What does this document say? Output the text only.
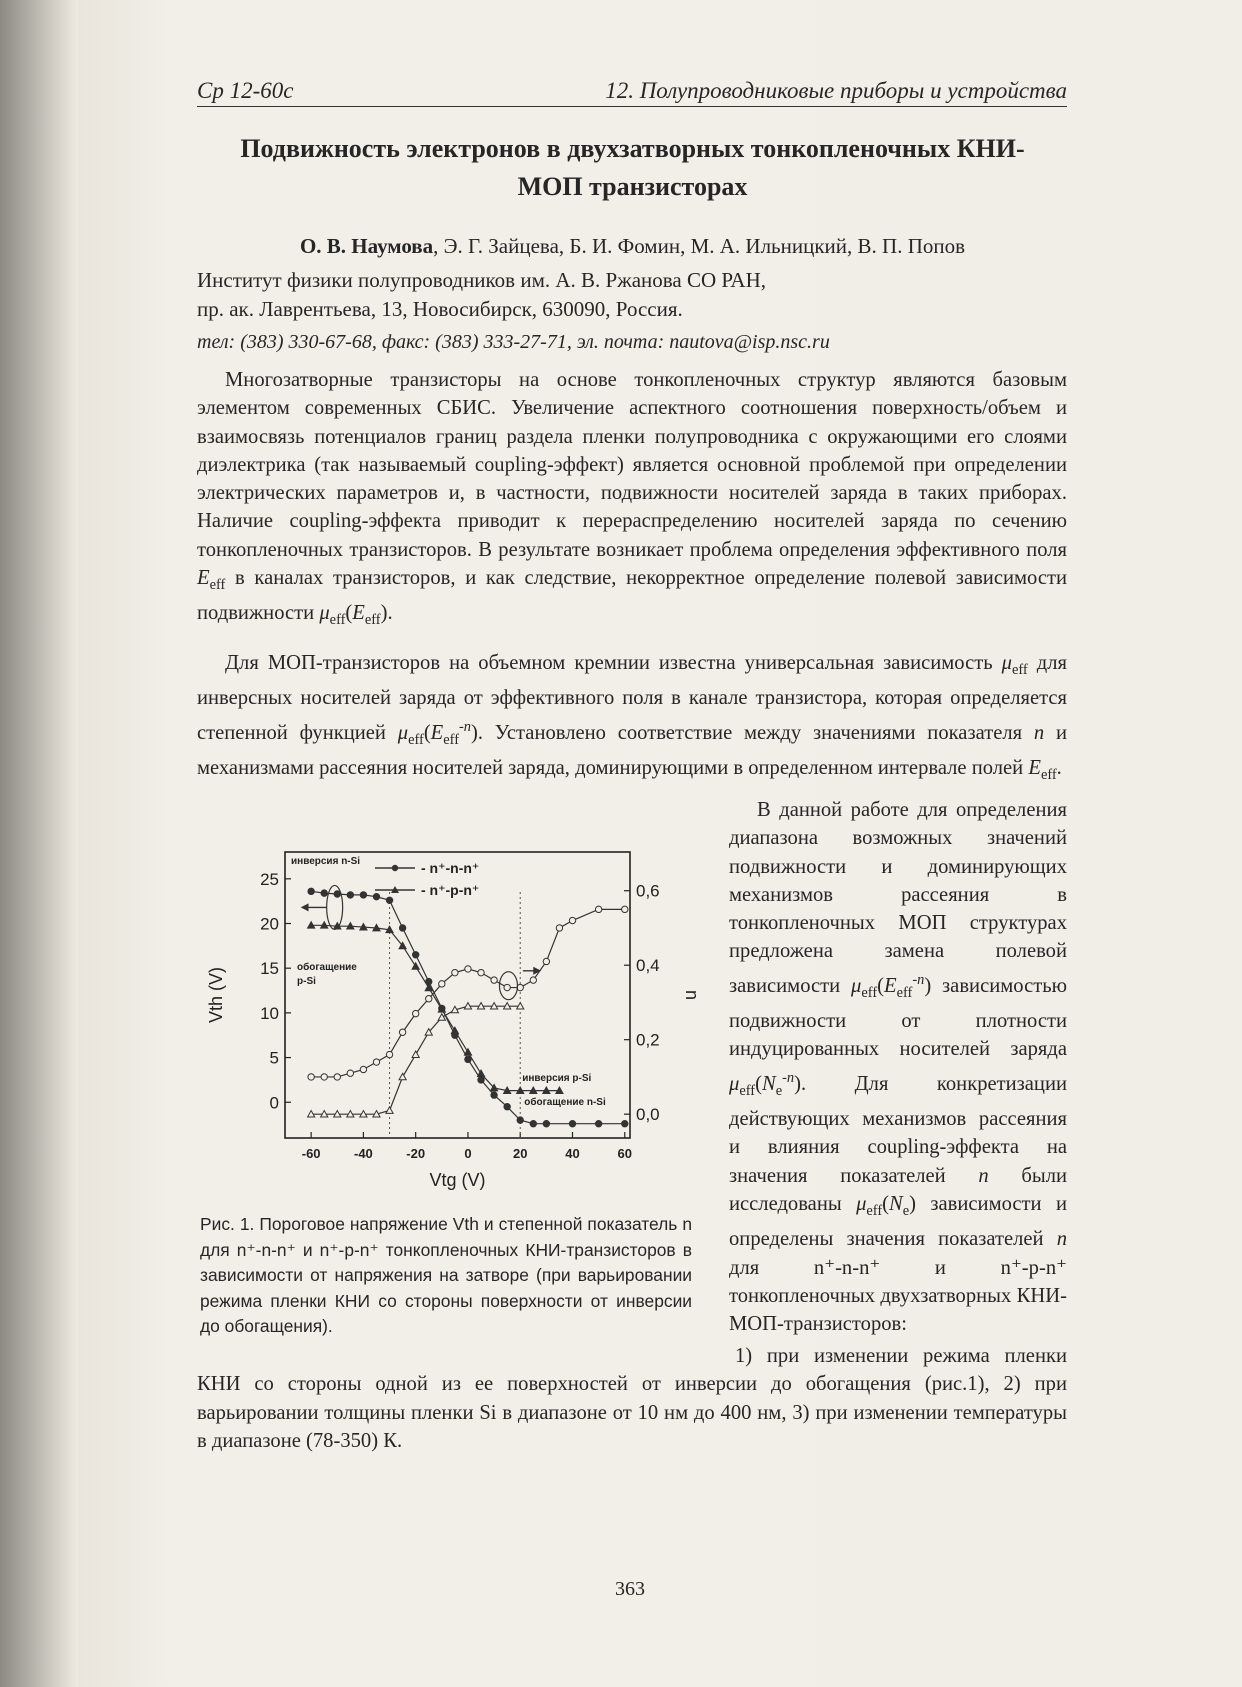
Ср 12-60с	12. Полупроводниковые приборы и устройства
Подвижность электронов в двухзатворных тонкопленочных КНИ-
МОП транзисторах
О. В. Наумова, Э. Г. Зайцева, Б. И. Фомин, М. А. Ильницкий, В. П. Попов
Институт физики полупроводников им. А. В. Ржанова СО РАН,
пр. ак. Лаврентьева, 13, Новосибирск, 630090, Россия.
тел: (383) 330-67-68, факс: (383) 333-27-71, эл. почта: nautova@isp.nsc.ru

Многозатворные транзисторы на основе тонкопленочных структур являются базовым элементом современных СБИС. Увеличение аспектного соотношения поверхность/объем и взаимосвязь потенциалов границ раздела пленки полупроводника с окружающими его слоями диэлектрика (так называемый coupling-эффект) является основной проблемой при определении электрических параметров и, в частности, подвижности носителей заряда в таких приборах. Наличие coupling-эффекта приводит к перераспределению носителей заряда по сечению тонкопленочных транзисторов. В результате возникает проблема определения эффективного поля $E_{eff}$ в каналах транзисторов, и как следствие, некорректное определение полевой зависимости подвижности $\mu_{eff}(E_{eff})$.

Для МОП-транзисторов на объемном кремнии известна универсальная зависимость $\mu_{eff}$ для инверсных носителей заряда от эффективного поля в канале транзистора, которая определяется степенной функцией $\mu_{eff}(E_{eff}^{-n})$. Установлено соответствие между значениями показателя n и механизмами рассеяния носителей заряда, доминирующими в определенном интервале полей $E_{eff}$.

В данной работе для определения диапазона возможных значений подвижности и доминирующих механизмов рассеяния в тонкопленочных МОП структурах предложена замена полевой зависимости $\mu_{eff}(E_{eff}^{-n})$ зависимостью подвижности от плотности индуцированных носителей заряда $\mu_{eff}(N_e^{-n})$. Для конкретизации действующих механизмов рассеяния и влияния coupling-эффекта на значения показателей n были исследованы $\mu_{eff}(N_e)$ зависимости и определены значения показателей n для n⁺-n-n⁺ и n⁺-p-n⁺ тонкопленочных двухзатворных КНИ-МОП-транзисторов:

1) при изменении режима пленки КНИ со стороны одной из ее поверхностей от инверсии до обогащения (рис.1), 2) при варьировании толщины пленки Si в диапазоне от 10 нм до 400 нм, 3) при изменении температуры в диапазоне (78-350) К.

-60	-40	-20	0	20	40	60
0
5
10
15
20
25
0,0
0,2
0,4
0,6
Vtg (V)
Vth (V)	n
- n⁺-n-n⁺
- n⁺-p-n⁺
инверсия n-Si
обогащение
p-Si
инверсия p-Si
обогащение n-Si
Рис. 1. Пороговое напряжение Vth и степенной показатель n для n⁺-n-n⁺ и n⁺-p-n⁺ тонкопленочных КНИ-транзисторов в зависимости от напряжения на затворе (при варьировании режима пленки КНИ со стороны поверхности от инверсии до обогащения).
363
